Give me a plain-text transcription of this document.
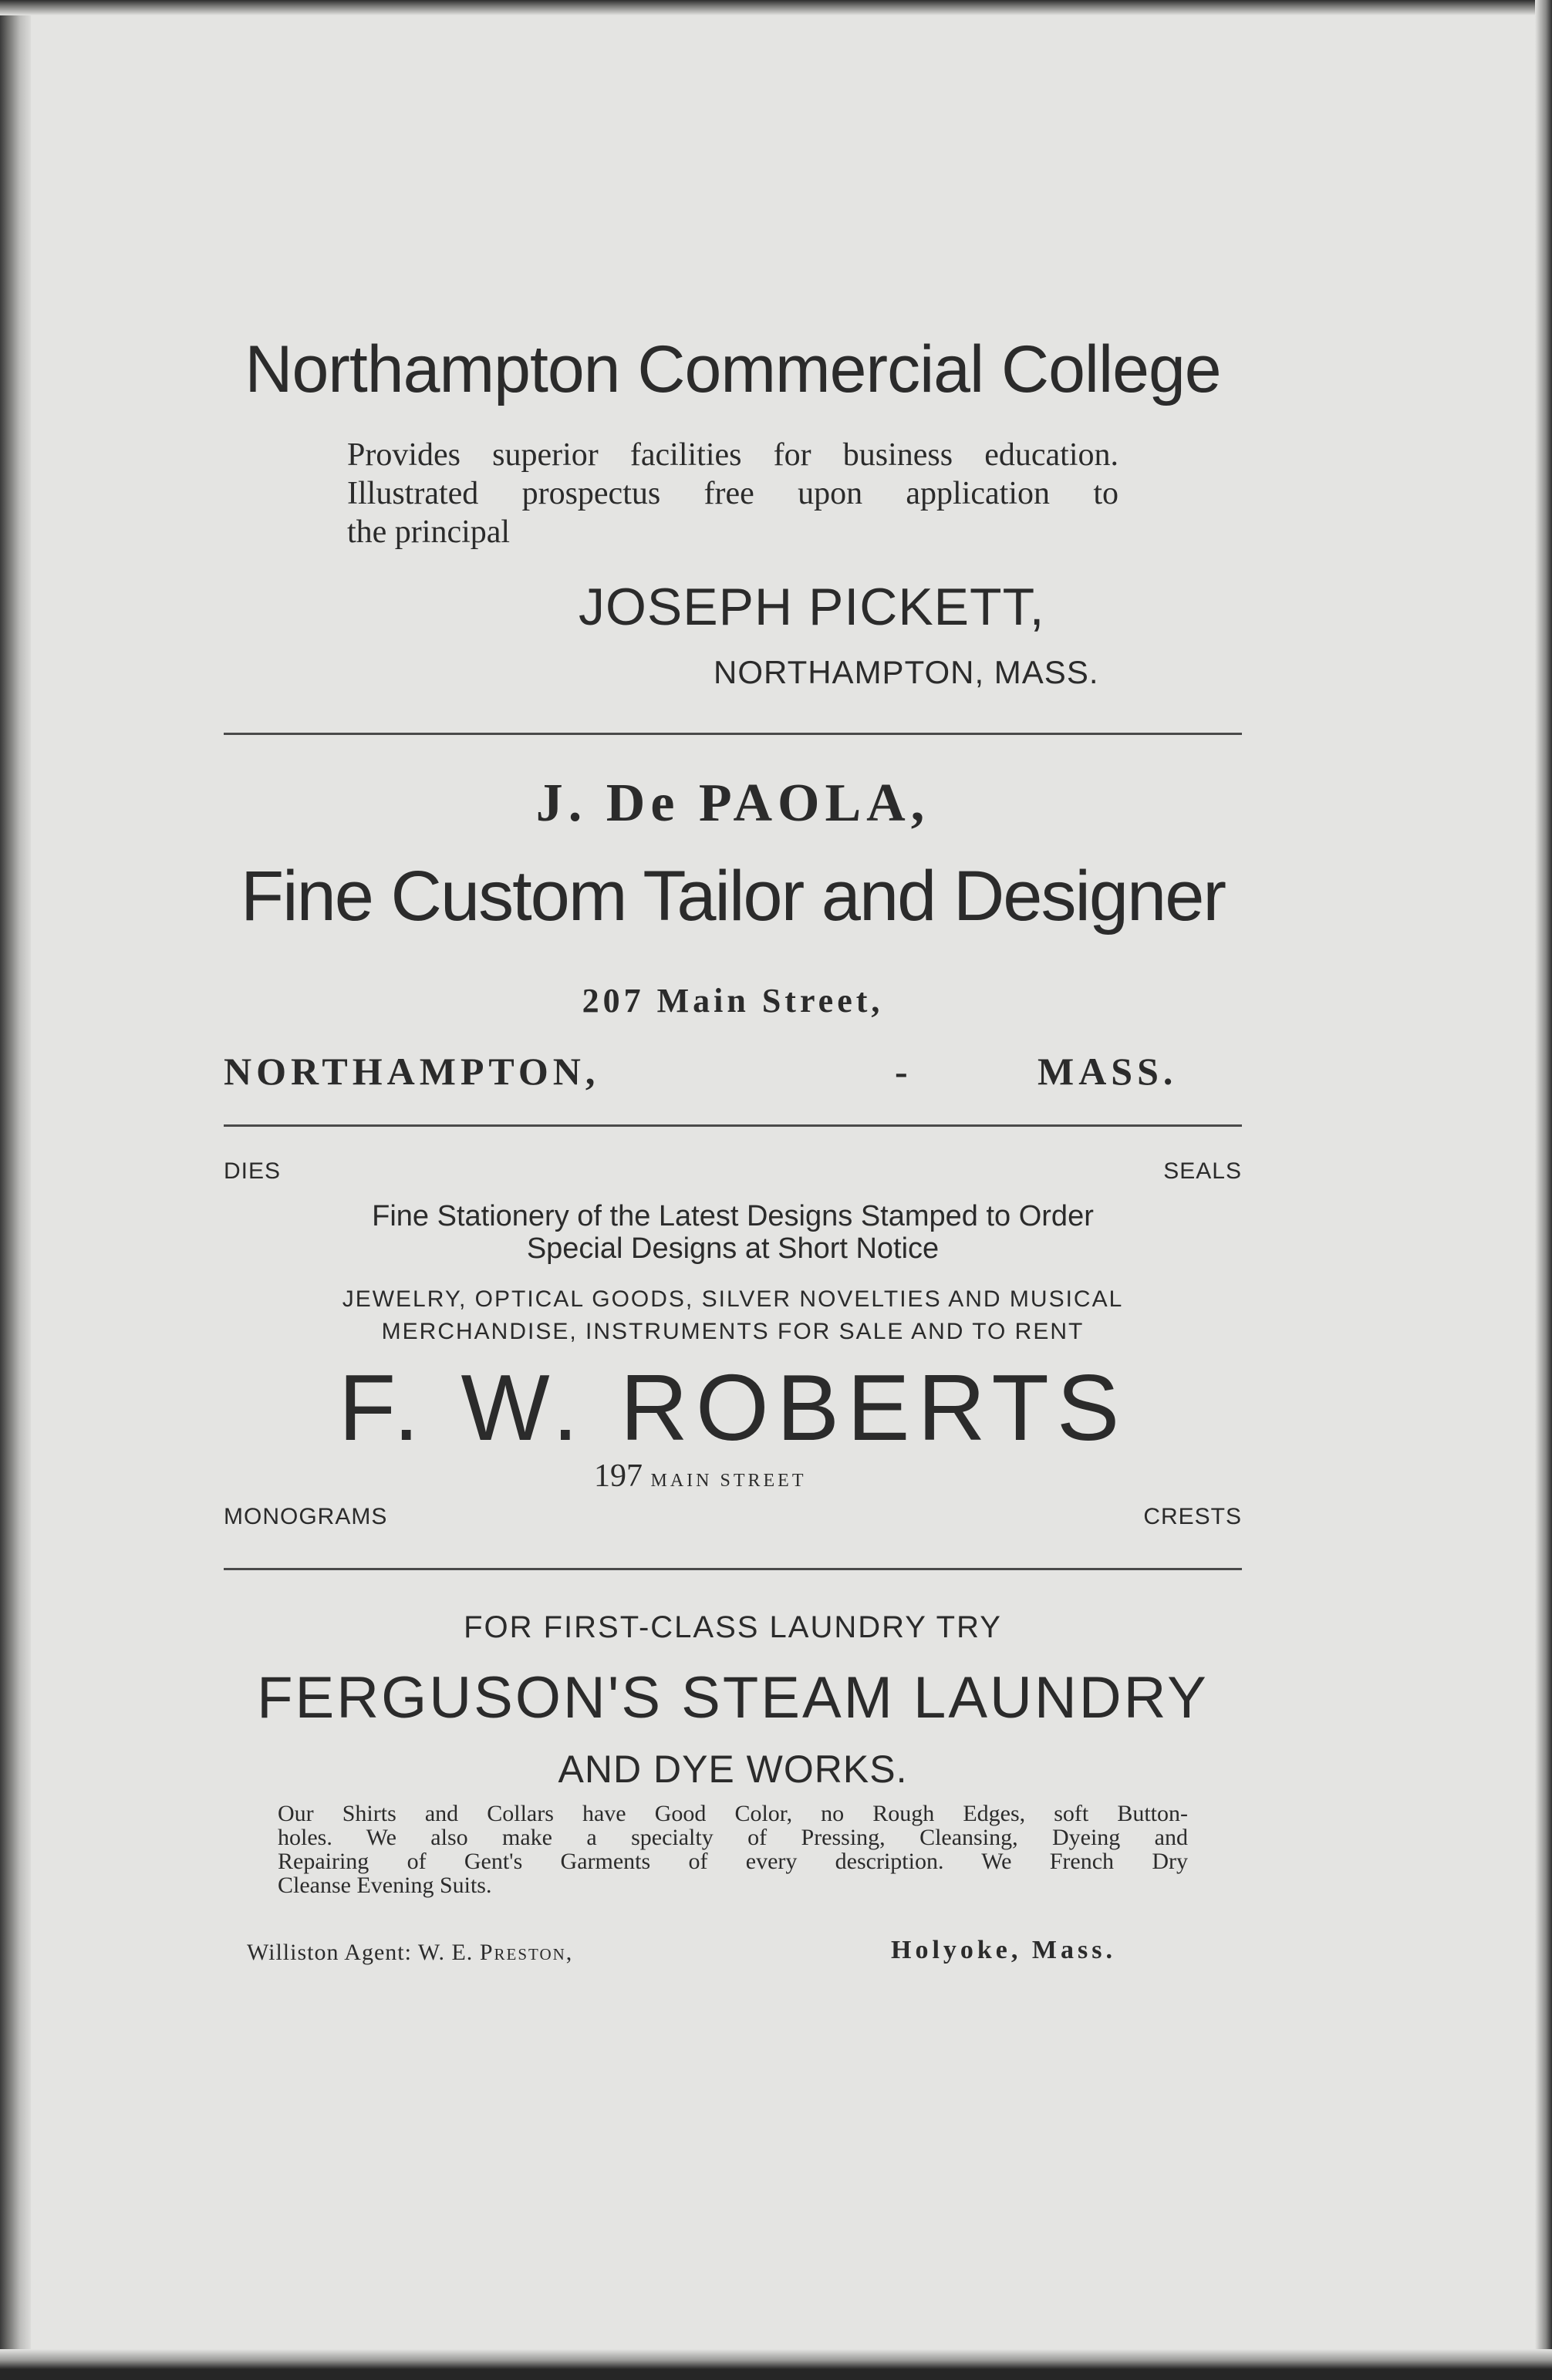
Northampton Commercial College
Provides superior facilities for business education.
Illustrated prospectus free upon application to
the principal
JOSEPH PICKETT,
NORTHAMPTON, MASS.
J. De PAOLA,
Fine Custom Tailor and Designer
207 Main Street,
NORTHAMPTON,	-	MASS.
DIES	SEALS
Fine Stationery of the Latest Designs Stamped to Order
Special Designs at Short Notice
JEWELRY, OPTICAL GOODS, SILVER NOVELTIES AND MUSICAL
MERCHANDISE, INSTRUMENTS FOR SALE AND TO RENT
F. W. ROBERTS
197 MAIN STREET
MONOGRAMS	CRESTS
FOR FIRST-CLASS LAUNDRY TRY
FERGUSON'S STEAM LAUNDRY
AND DYE WORKS.
Our Shirts and Collars have Good Color, no Rough Edges, soft Button-
holes. We also make a specialty of Pressing, Cleansing, Dyeing and
Repairing of Gent's Garments of every description. We French Dry
Cleanse Evening Suits.
Williston Agent: W. E. Preston,	Holyoke, Mass.
